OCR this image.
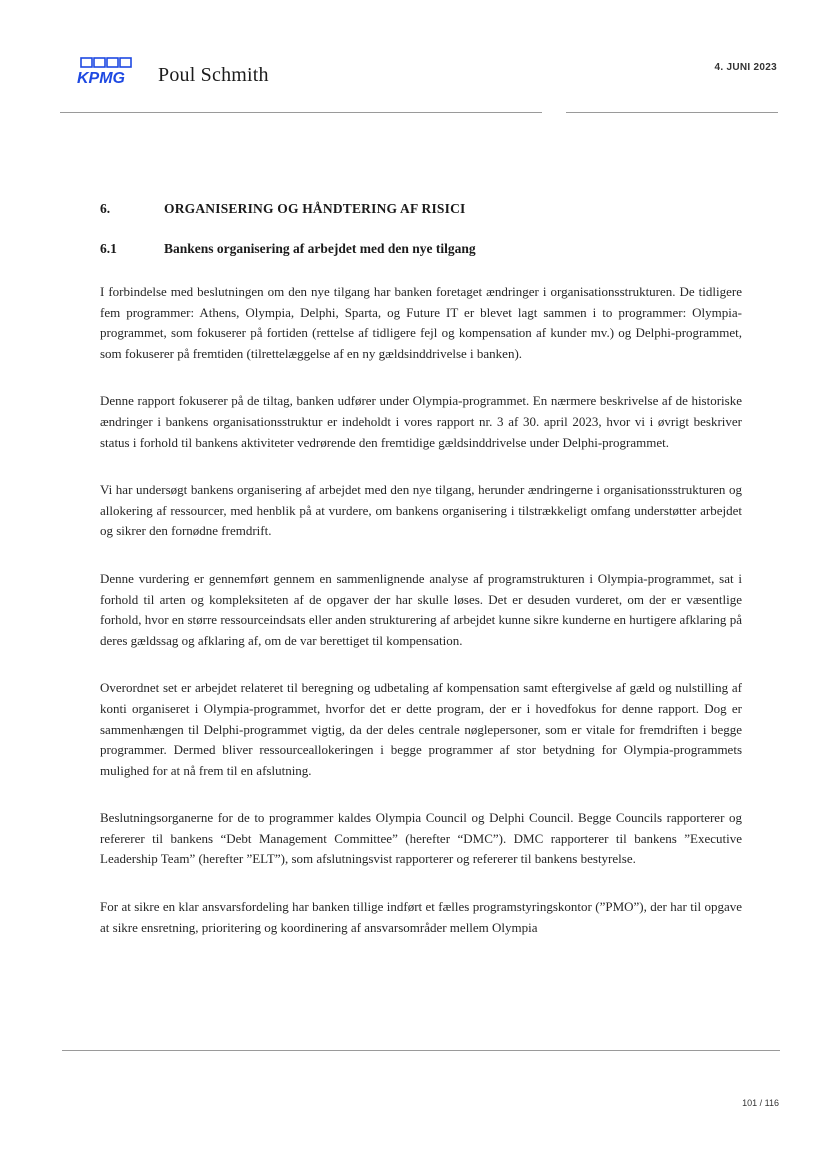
KPMG Poul Schmith	4. JUNI 2023
6.	ORGANISERING OG HÅNDTERING AF RISICI
6.1	Bankens organisering af arbejdet med den nye tilgang

I forbindelse med beslutningen om den nye tilgang har banken foretaget ændringer i organisationsstrukturen. De tidligere fem programmer: Athens, Olympia, Delphi, Sparta, og Future IT er blevet lagt sammen i to programmer: Olympia-programmet, som fokuserer på fortiden (rettelse af tidligere fejl og kompensation af kunder mv.) og Delphi-programmet, som fokuserer på fremtiden (tilrettelæggelse af en ny gældsinddrivelse i banken).

Denne rapport fokuserer på de tiltag, banken udfører under Olympia-programmet. En nærmere beskrivelse af de historiske ændringer i bankens organisationsstruktur er indeholdt i vores rapport nr. 3 af 30. april 2023, hvor vi i øvrigt beskriver status i forhold til bankens aktiviteter vedrørende den fremtidige gældsinddrivelse under Delphi-programmet.

Vi har undersøgt bankens organisering af arbejdet med den nye tilgang, herunder ændringerne i organisationsstrukturen og allokering af ressourcer, med henblik på at vurdere, om bankens organisering i tilstrækkeligt omfang understøtter arbejdet og sikrer den fornødne fremdrift.

Denne vurdering er gennemført gennem en sammenlignende analyse af programstrukturen i Olympia-programmet, sat i forhold til arten og kompleksiteten af de opgaver der har skulle løses. Det er desuden vurderet, om der er væsentlige forhold, hvor en større ressourceindsats eller anden strukturering af arbejdet kunne sikre kunderne en hurtigere afklaring på deres gældssag og afklaring af, om de var berettiget til kompensation.

Overordnet set er arbejdet relateret til beregning og udbetaling af kompensation samt eftergivelse af gæld og nulstilling af konti organiseret i Olympia-programmet, hvorfor det er dette program, der er i hovedfokus for denne rapport. Dog er sammenhængen til Delphi-programmet vigtig, da der deles centrale nøglepersoner, som er vitale for fremdriften i begge programmer. Dermed bliver ressourceallokeringen i begge programmer af stor betydning for Olympia-programmets mulighed for at nå frem til en afslutning.

Beslutningsorganerne for de to programmer kaldes Olympia Council og Delphi Council. Begge Councils rapporterer og refererer til bankens “Debt Management Committee” (herefter “DMC”). DMC rapporterer til bankens ”Executive Leadership Team” (herefter ”ELT”), som afslutningsvist rapporterer og refererer til bankens bestyrelse.

For at sikre en klar ansvarsfordeling har banken tillige indført et fælles programstyringskontor (”PMO”), der har til opgave at sikre ensretning, prioritering og koordinering af ansvarsområder mellem Olympia

101 / 116
